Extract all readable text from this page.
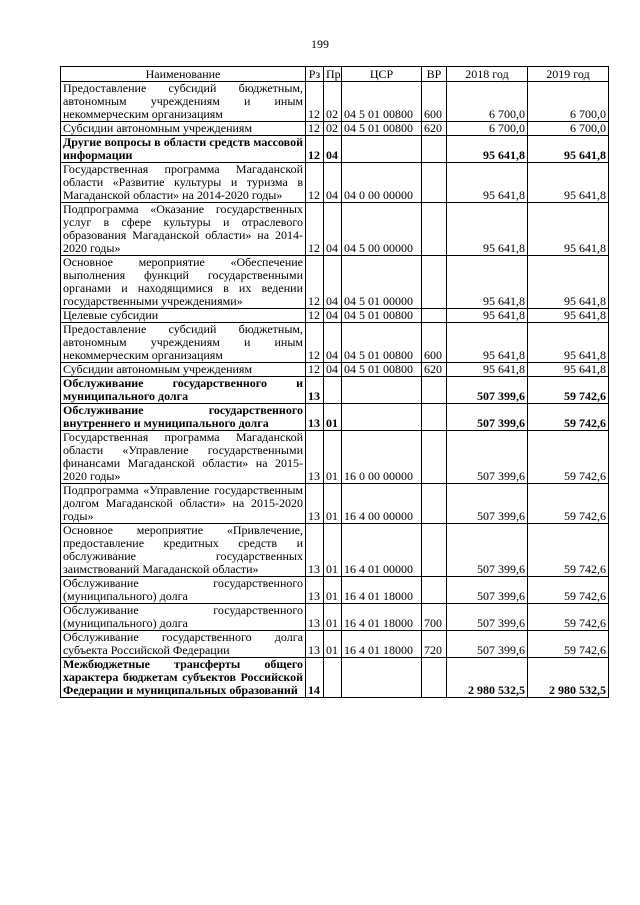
199
Наименование	Рз	Пр	ЦСР	ВР	2018 год	2019 год
Предоставление субсидий бюджетным, автономным учреждениям и иным некоммерческим организациям	12	02	04 5 01 00800	600	6 700,0	6 700,0
Субсидии автономным учреждениям	12	02	04 5 01 00800	620	6 700,0	6 700,0
Другие вопросы в области средств массовой информации	12	04			95 641,8	95 641,8
Государственная программа Магаданской области «Развитие культуры и туризма в Магаданской области» на 2014-2020 годы»	12	04	04 0 00 00000		95 641,8	95 641,8
Подпрограмма «Оказание государственных услуг в сфере культуры и отраслевого образования Магаданской области» на 2014-2020 годы»	12	04	04 5 00 00000		95 641,8	95 641,8
Основное мероприятие «Обеспечение выполнения функций государственными органами и находящимися в их ведении государственными учреждениями»	12	04	04 5 01 00000		95 641,8	95 641,8
Целевые субсидии	12	04	04 5 01 00800		95 641,8	95 641,8
Предоставление субсидий бюджетным, автономным учреждениям и иным некоммерческим организациям	12	04	04 5 01 00800	600	95 641,8	95 641,8
Субсидии автономным учреждениям	12	04	04 5 01 00800	620	95 641,8	95 641,8
Обслуживание государственного и муниципального долга	13				507 399,6	59 742,6
Обслуживание государственного внутреннего и муниципального долга	13	01			507 399,6	59 742,6
Государственная программа Магаданской области «Управление государственными финансами Магаданской области» на 2015-2020 годы»	13	01	16 0 00 00000		507 399,6	59 742,6
Подпрограмма «Управление государственным долгом Магаданской области» на 2015-2020 годы»	13	01	16 4 00 00000		507 399,6	59 742,6
Основное мероприятие «Привлечение, предоставление кредитных средств и обслуживание государственных заимствований Магаданской области»	13	01	16 4 01 00000		507 399,6	59 742,6
Обслуживание государственного (муниципального) долга	13	01	16 4 01 18000		507 399,6	59 742,6
Обслуживание государственного (муниципального) долга	13	01	16 4 01 18000	700	507 399,6	59 742,6
Обслуживание государственного долга субъекта Российской Федерации	13	01	16 4 01 18000	720	507 399,6	59 742,6
Межбюджетные трансферты общего характера бюджетам субъектов Российской Федерации и муниципальных образований	14				2 980 532,5	2 980 532,5
